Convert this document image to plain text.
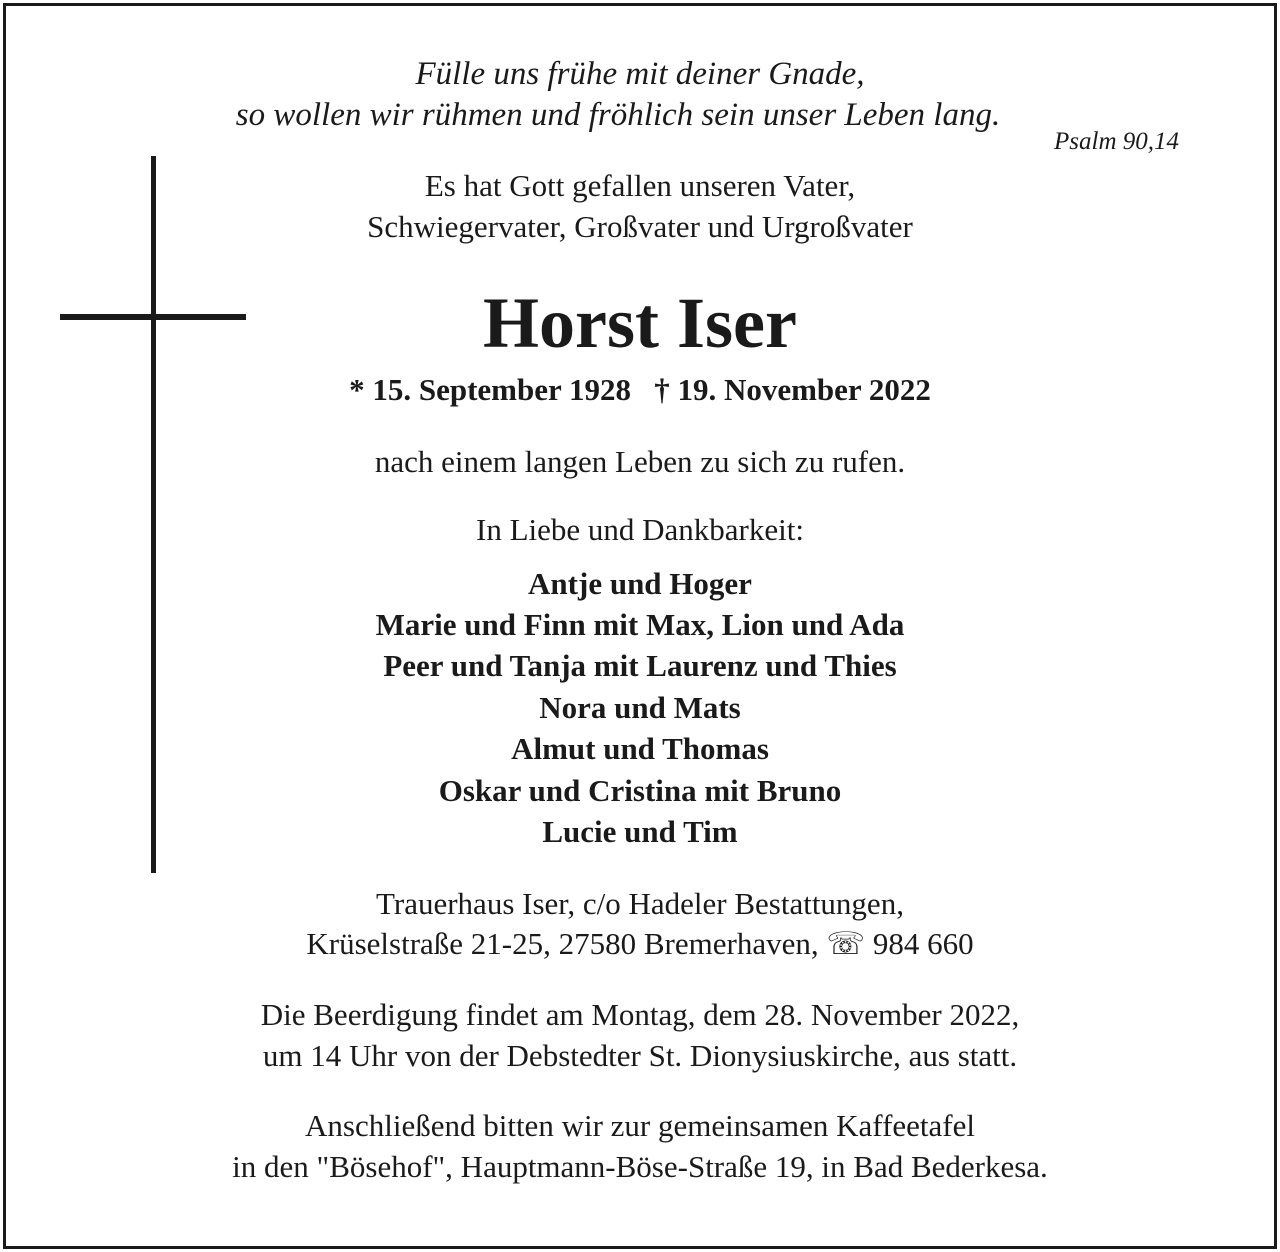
Fülle uns frühe mit deiner Gnade,
so wollen wir rühmen und fröhlich sein unser Leben lang.
Psalm 90,14
Es hat Gott gefallen unseren Vater,
Schwiegervater, Großvater und Urgroßvater
Horst Iser
* 15. September 1928   † 19. November 2022
nach einem langen Leben zu sich zu rufen.
In Liebe und Dankbarkeit:
Antje und Hoger
Marie und Finn mit Max, Lion und Ada
Peer und Tanja mit Laurenz und Thies
Nora und Mats
Almut und Thomas
Oskar und Cristina mit Bruno
Lucie und Tim
Trauerhaus Iser, c/o Hadeler Bestattungen,
Krüselstraße 21-25, 27580 Bremerhaven, ☏ 984 660
Die Beerdigung findet am Montag, dem 28. November 2022,
um 14 Uhr von der Debstedter St. Dionysiuskirche, aus statt.
Anschließend bitten wir zur gemeinsamen Kaffeetafel
in den "Bösehof", Hauptmann-Böse-Straße 19, in Bad Bederkesa.
